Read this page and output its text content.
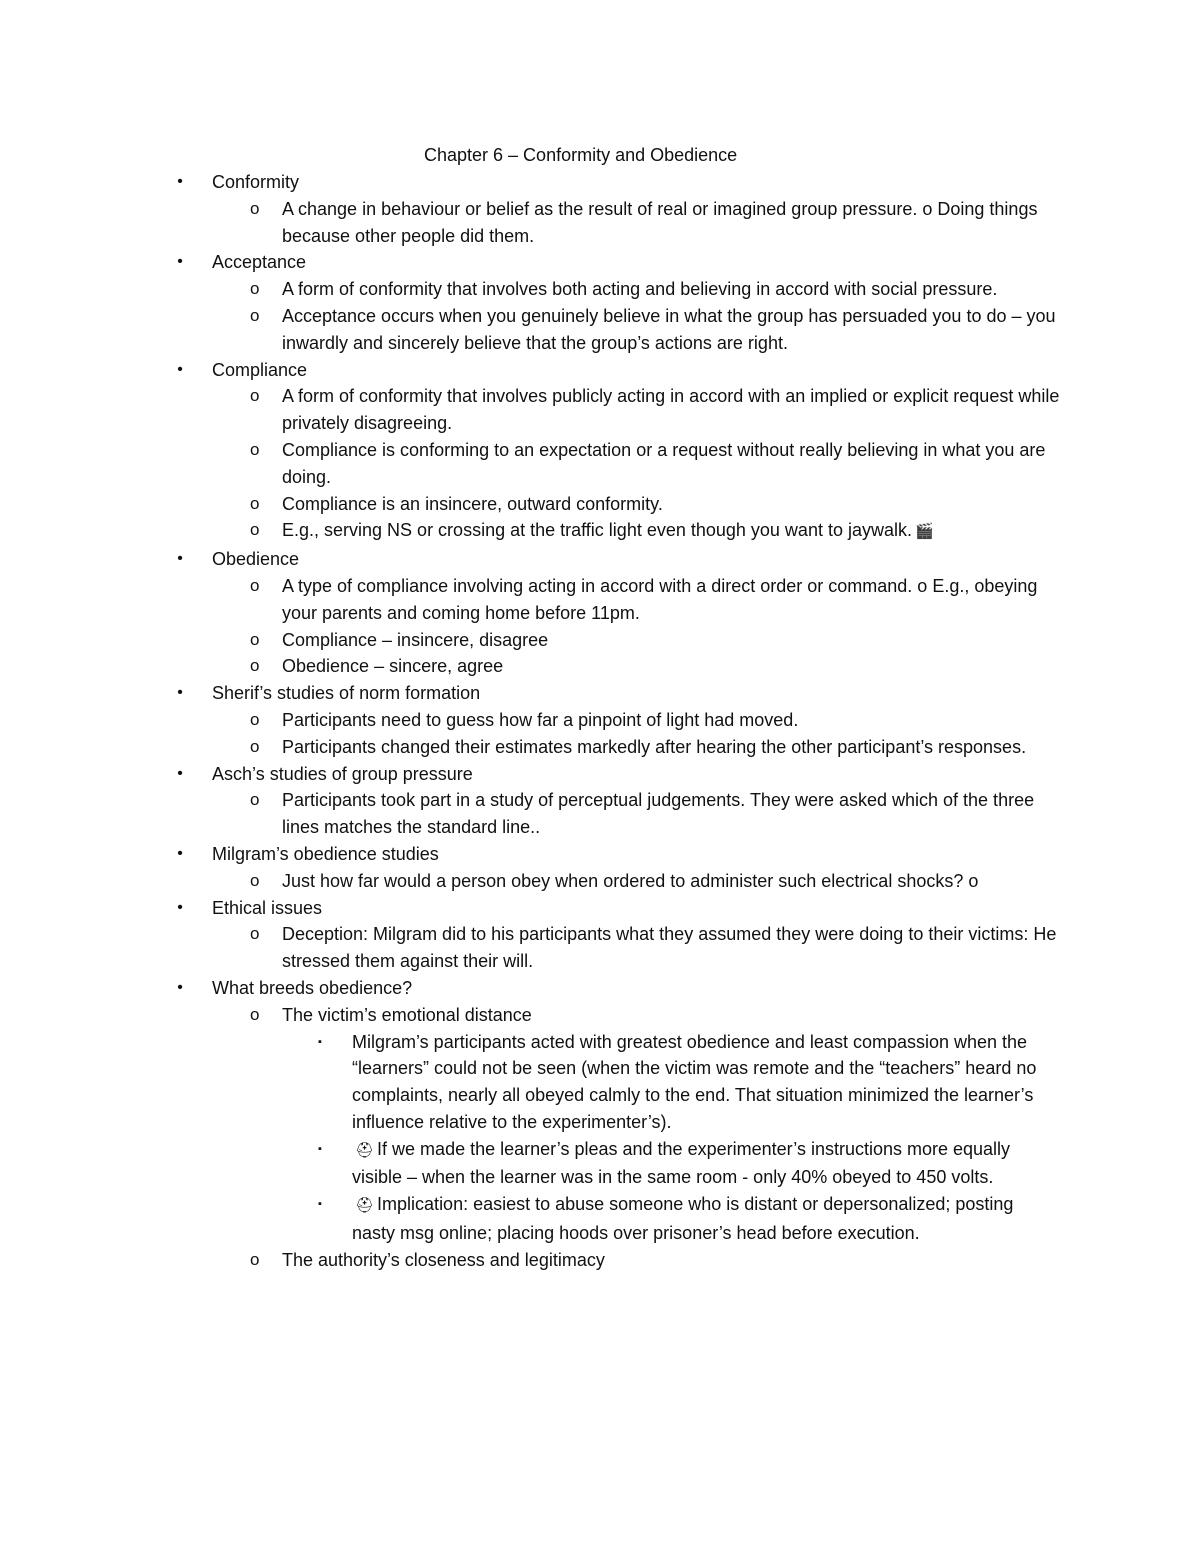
Chapter 6 – Conformity and Obedience
• Conformity
o A change in behaviour or belief as the result of real or imagined group pressure. o Doing things because other people did them.
• Acceptance
o A form of conformity that involves both acting and believing in accord with social pressure.
o Acceptance occurs when you genuinely believe in what the group has persuaded you to do – you inwardly and sincerely believe that the group’s actions are right.
• Compliance
o A form of conformity that involves publicly acting in accord with an implied or explicit request while privately disagreeing.
o Compliance is conforming to an expectation or a request without really believing in what you are doing.
o Compliance is an insincere, outward conformity.
o E.g., serving NS or crossing at the traffic light even though you want to jaywalk. 🎬
• Obedience
o A type of compliance involving acting in accord with a direct order or command. o E.g., obeying your parents and coming home before 11pm.
o Compliance – insincere, disagree
o Obedience – sincere, agree
• Sherif’s studies of norm formation
o Participants need to guess how far a pinpoint of light had moved.
o Participants changed their estimates markedly after hearing the other participant’s responses.
• Asch’s studies of group pressure
o Participants took part in a study of perceptual judgements. They were asked which of the three lines matches the standard line..
• Milgram’s obedience studies
o Just how far would a person obey when ordered to administer such electrical shocks? o
• Ethical issues
o Deception: Milgram did to his participants what they assumed they were doing to their victims: He stressed them against their will.
• What breeds obedience?
o The victim’s emotional distance
▪ Milgram’s participants acted with greatest obedience and least compassion when the “learners” could not be seen (when the victim was remote and the “teachers” heard no complaints, nearly all obeyed calmly to the end. That situation minimized the learner’s influence relative to the experimenter’s).
▪ ⛑ If we made the learner’s pleas and the experimenter’s instructions more equally visible – when the learner was in the same room - only 40% obeyed to 450 volts.
▪ ⛑ Implication: easiest to abuse someone who is distant or depersonalized; posting nasty msg online; placing hoods over prisoner’s head before execution.
o The authority’s closeness and legitimacy
